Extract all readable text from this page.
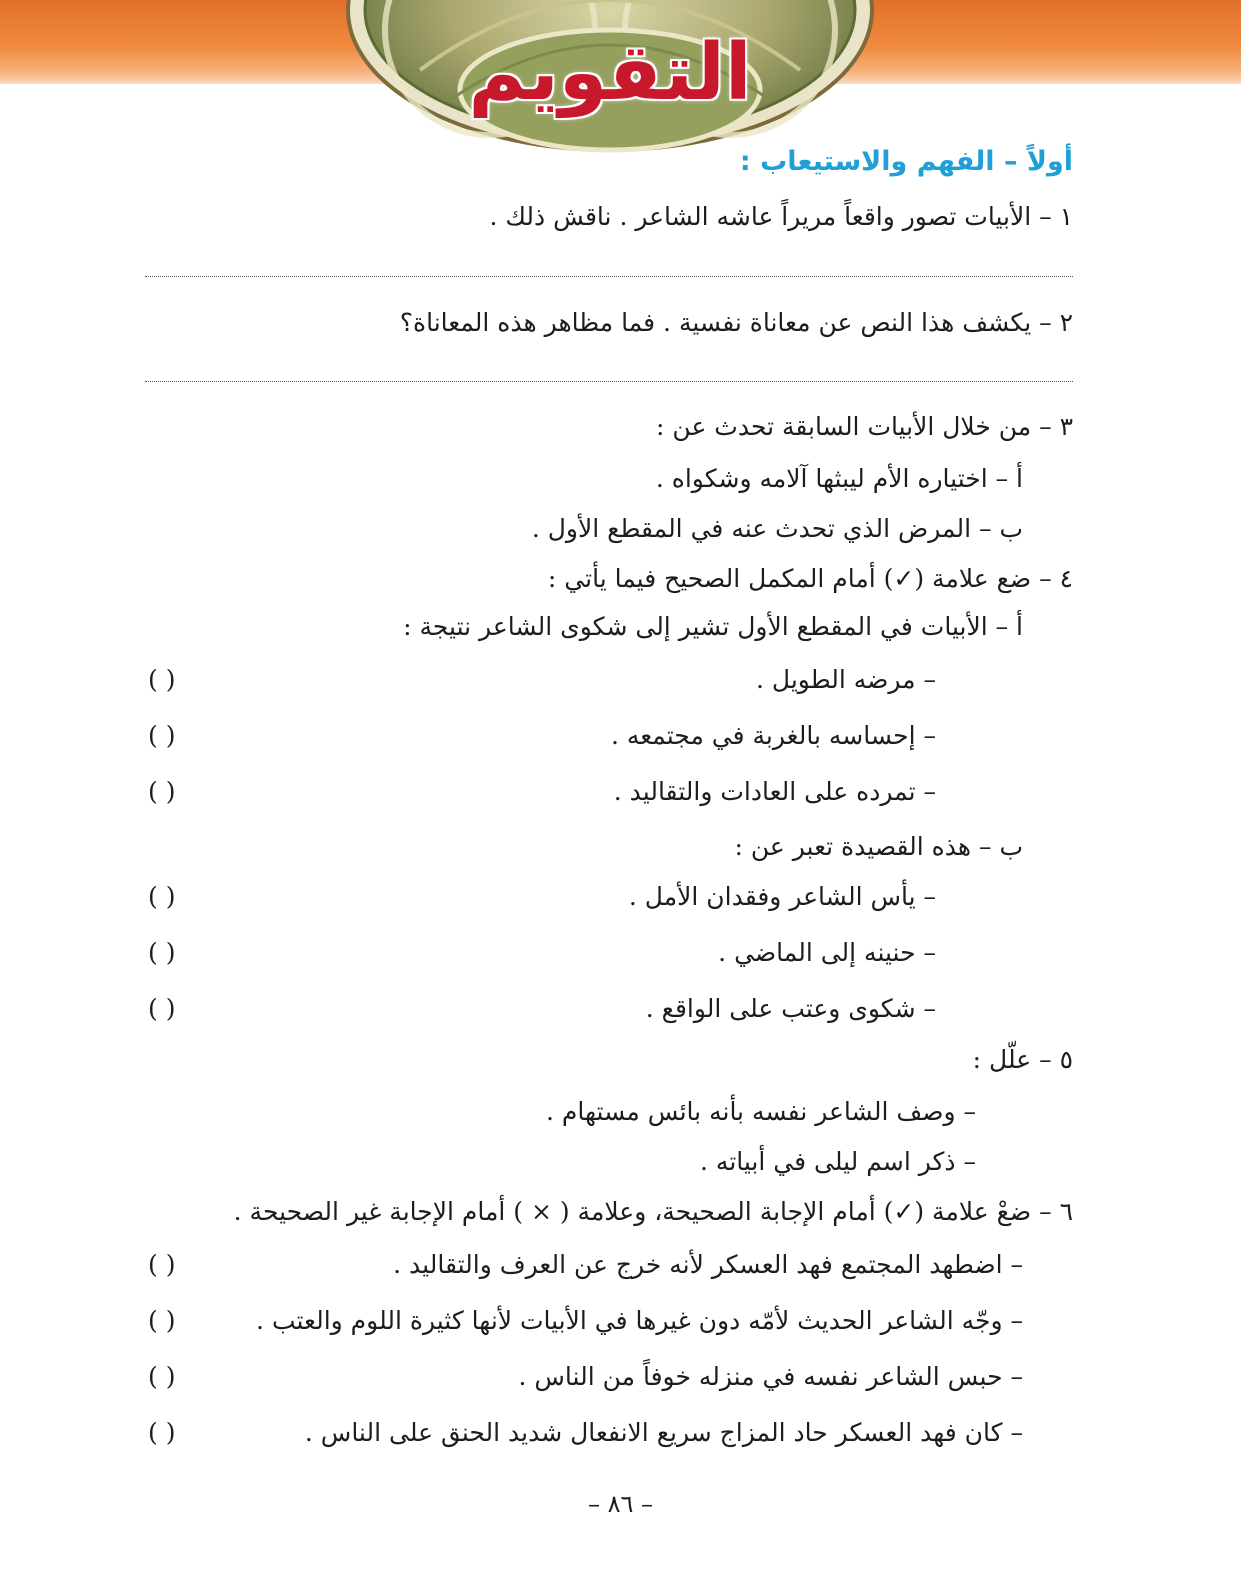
التقويم
أولاً – الفهم والاستيعاب :
١ – الأبيات تصور واقعاً مريراً عاشه الشاعر . ناقش ذلك .
٢ – يكشف هذا النص عن معاناة نفسية . فما مظاهر هذه المعاناة؟
٣ – من خلال الأبيات السابقة تحدث عن :
أ – اختياره الأم ليبثها آلامه وشكواه .
ب – المرض الذي تحدث عنه في المقطع الأول .
٤ – ضع علامة (✓) أمام المكمل الصحيح فيما يأتي :
أ – الأبيات في المقطع الأول تشير إلى شكوى الشاعر نتيجة :
– مرضه الطويل .
( )
– إحساسه بالغربة في مجتمعه .
( )
– تمرده على العادات والتقاليد .
( )
ب – هذه القصيدة تعبر عن :
– يأس الشاعر وفقدان الأمل .
( )
– حنينه إلى الماضي .
( )
– شكوى وعتب على الواقع .
( )
٥ – علّل :
– وصف الشاعر نفسه بأنه بائس مستهام .
– ذكر اسم ليلى في أبياته .
٦ – ضعْ علامة (✓) أمام الإجابة الصحيحة، وعلامة ( × ) أمام الإجابة غير الصحيحة .
– اضطهد المجتمع فهد العسكر لأنه خرج عن العرف والتقاليد .
( )
– وجّه الشاعر الحديث لأمّه دون غيرها في الأبيات لأنها كثيرة اللوم والعتب .
( )
– حبس الشاعر نفسه في منزله خوفاً من الناس .
( )
– كان فهد العسكر حاد المزاج سريع الانفعال شديد الحنق على الناس .
( )
– ٨٦ –
